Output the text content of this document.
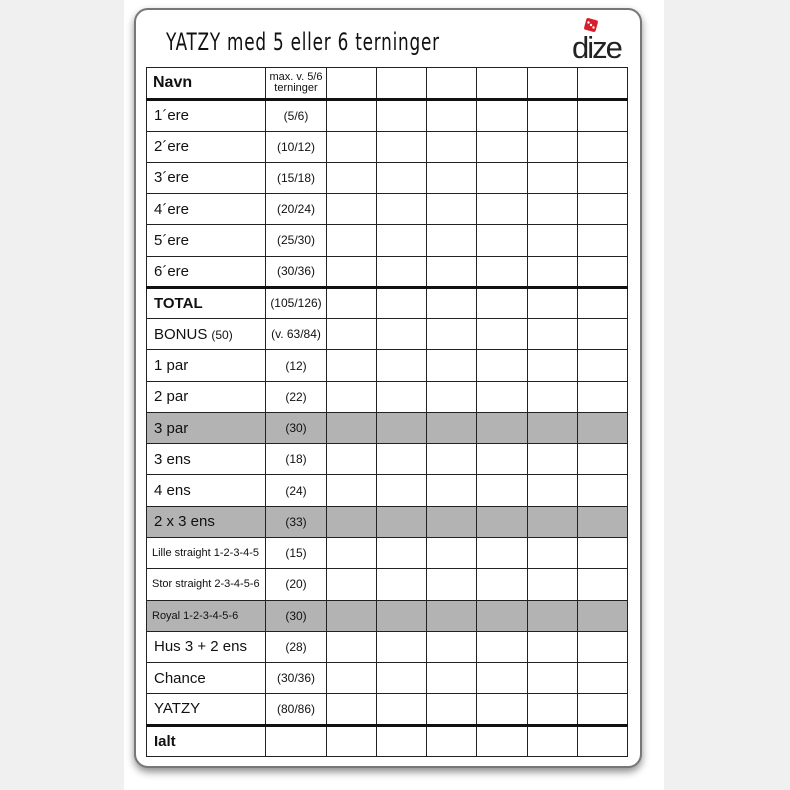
YATZY med 5 eller 6 terninger	dize
Navn	max. v. 5/6
terninger						

1´ere	(5/6)						
2´ere	(10/12)						
3´ere	(15/18)						
4´ere	(20/24)						
5´ere	(25/30)						
6´ere	(30/36)						
TOTAL	(105/126)						
BONUS (50)	(v. 63/84)						
1 par	(12)						
2 par	(22)						
3 par	(30)						
3 ens	(18)						
4 ens	(24)						
2 x 3 ens	(33)						
Lille straight 1-2-3-4-5	(15)						
Stor straight 2-3-4-5-6	(20)						
Royal 1-2-3-4-5-6	(30)						
Hus 3 + 2 ens	(28)						
Chance	(30/36)						
YATZY	(80/86)						
Ialt							
